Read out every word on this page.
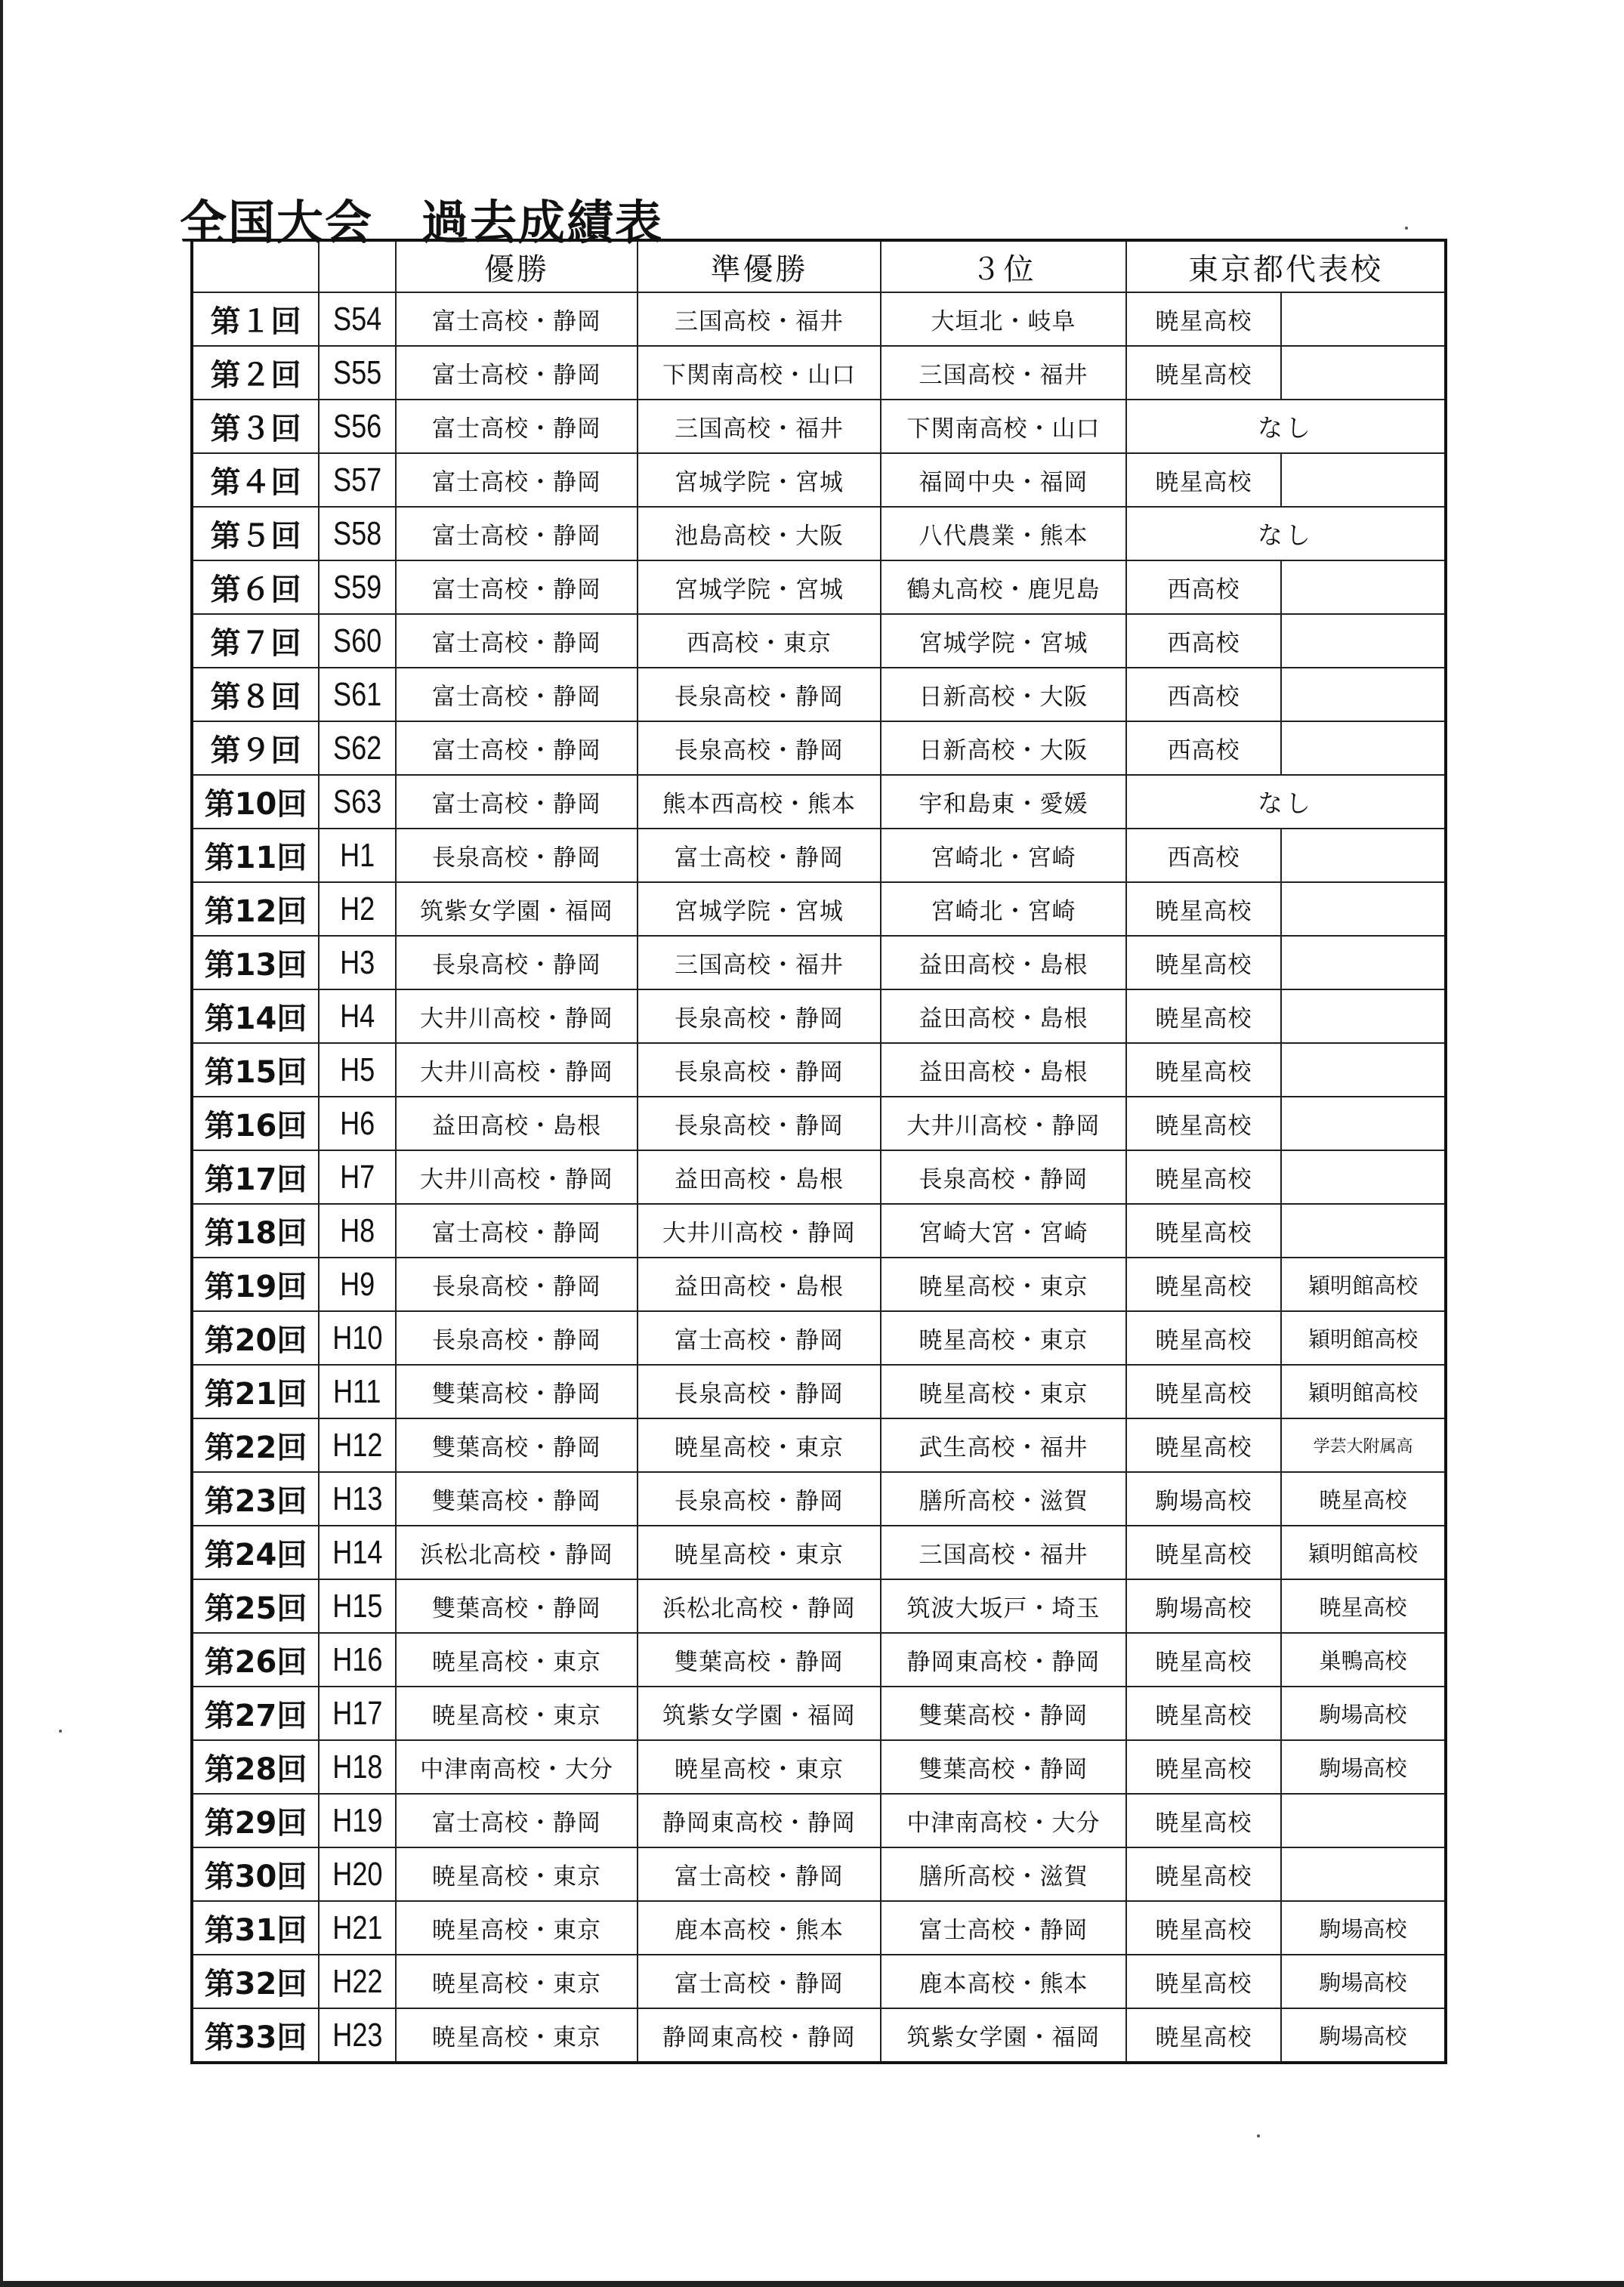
全国大会　過去成績表
		優勝	準優勝	３位	東京都代表校	
第１回	S54	富士高校・静岡	三国高校・福井	大垣北・岐阜	暁星高校	
第２回	S55	富士高校・静岡	下関南高校・山口	三国高校・福井	暁星高校	
第３回	S56	富士高校・静岡	三国高校・福井	下関南高校・山口	なし	
第４回	S57	富士高校・静岡	宮城学院・宮城	福岡中央・福岡	暁星高校	
第５回	S58	富士高校・静岡	池島高校・大阪	八代農業・熊本	なし	
第６回	S59	富士高校・静岡	宮城学院・宮城	鶴丸高校・鹿児島	西高校	
第７回	S60	富士高校・静岡	西高校・東京	宮城学院・宮城	西高校	
第８回	S61	富士高校・静岡	長泉高校・静岡	日新高校・大阪	西高校	
第９回	S62	富士高校・静岡	長泉高校・静岡	日新高校・大阪	西高校	
第10回	S63	富士高校・静岡	熊本西高校・熊本	宇和島東・愛媛	なし	
第11回	H1	長泉高校・静岡	富士高校・静岡	宮崎北・宮崎	西高校	
第12回	H2	筑紫女学園・福岡	宮城学院・宮城	宮崎北・宮崎	暁星高校	
第13回	H3	長泉高校・静岡	三国高校・福井	益田高校・島根	暁星高校	
第14回	H4	大井川高校・静岡	長泉高校・静岡	益田高校・島根	暁星高校	
第15回	H5	大井川高校・静岡	長泉高校・静岡	益田高校・島根	暁星高校	
第16回	H6	益田高校・島根	長泉高校・静岡	大井川高校・静岡	暁星高校	
第17回	H7	大井川高校・静岡	益田高校・島根	長泉高校・静岡	暁星高校	
第18回	H8	富士高校・静岡	大井川高校・静岡	宮崎大宮・宮崎	暁星高校	
第19回	H9	長泉高校・静岡	益田高校・島根	暁星高校・東京	暁星高校	穎明館高校
第20回	H10	長泉高校・静岡	富士高校・静岡	暁星高校・東京	暁星高校	穎明館高校
第21回	H11	雙葉高校・静岡	長泉高校・静岡	暁星高校・東京	暁星高校	穎明館高校
第22回	H12	雙葉高校・静岡	暁星高校・東京	武生高校・福井	暁星高校	学芸大附属高
第23回	H13	雙葉高校・静岡	長泉高校・静岡	膳所高校・滋賀	駒場高校	暁星高校
第24回	H14	浜松北高校・静岡	暁星高校・東京	三国高校・福井	暁星高校	穎明館高校
第25回	H15	雙葉高校・静岡	浜松北高校・静岡	筑波大坂戸・埼玉	駒場高校	暁星高校
第26回	H16	暁星高校・東京	雙葉高校・静岡	静岡東高校・静岡	暁星高校	巣鴨高校
第27回	H17	暁星高校・東京	筑紫女学園・福岡	雙葉高校・静岡	暁星高校	駒場高校
第28回	H18	中津南高校・大分	暁星高校・東京	雙葉高校・静岡	暁星高校	駒場高校
第29回	H19	富士高校・静岡	静岡東高校・静岡	中津南高校・大分	暁星高校	
第30回	H20	暁星高校・東京	富士高校・静岡	膳所高校・滋賀	暁星高校	
第31回	H21	暁星高校・東京	鹿本高校・熊本	富士高校・静岡	暁星高校	駒場高校
第32回	H22	暁星高校・東京	富士高校・静岡	鹿本高校・熊本	暁星高校	駒場高校
第33回	H23	暁星高校・東京	静岡東高校・静岡	筑紫女学園・福岡	暁星高校	駒場高校
